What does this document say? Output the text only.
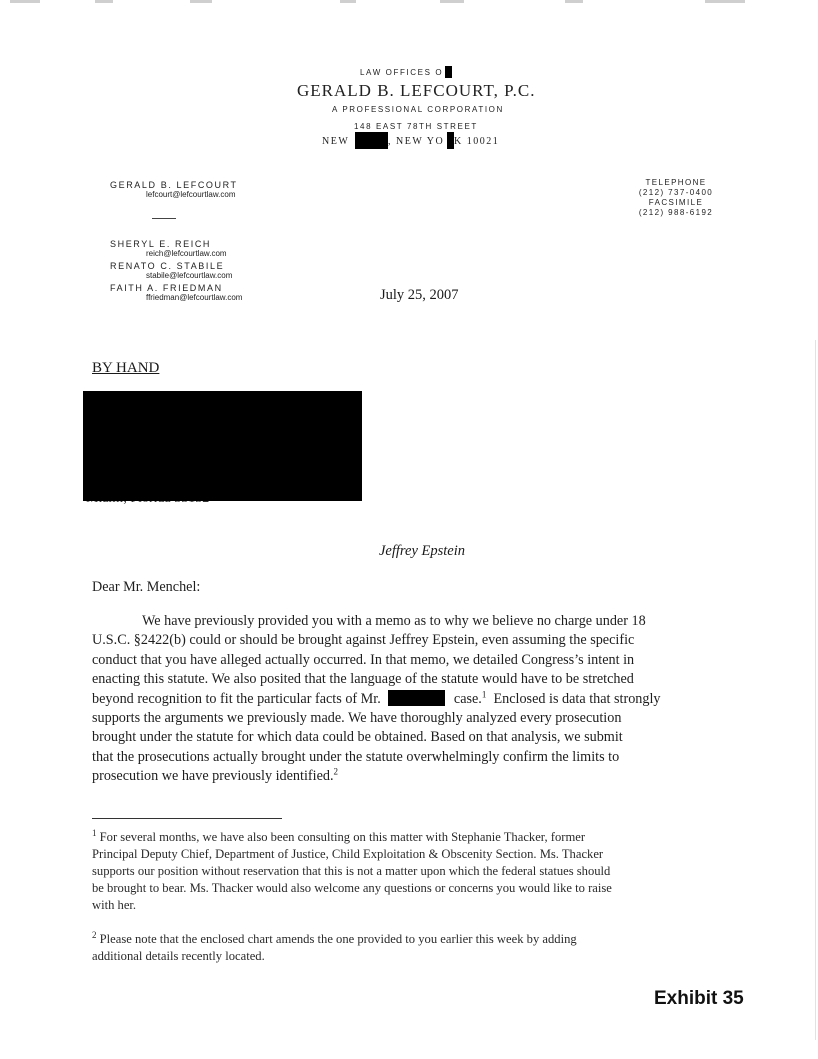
LAW OFFICES O
GERALD B. LEFCOURT, P.C.
A PROFESSIONAL CORPORATION
148 EAST 78TH STREET
NEW	, NEW YO K 10021
GERALD B. LEFCOURT
lefcourt@lefcourtlaw.com
SHERYL E. REICH
reich@lefcourtlaw.com
RENATO C. STABILE
stabile@lefcourtlaw.com
FAITH A. FRIEDMAN
ffriedman@lefcourtlaw.com
TELEPHONE
(212) 737-0400
FACSIMILE
(212) 988-6192
July 25, 2007
BY HAND
Jeffrey Epstein
Dear Mr. Menchel:
We have previously provided you with a memo as to why we believe no charge under 18
U.S.C. §2422(b) could or should be brought against Jeffrey Epstein, even assuming the specific
conduct that you have alleged actually occurred. In that memo, we detailed Congress’s intent in
enacting this statute. We also posited that the language of the statute would have to be stretched
beyond recognition to fit the particular facts of Mr.	case.$^1$  Enclosed is data that strongly
supports the arguments we previously made. We have thoroughly analyzed every prosecution
brought under the statute for which data could be obtained. Based on that analysis, we submit
that the prosecutions actually brought under the statute overwhelmingly confirm the limits to
prosecution we have previously identified.$^2$
$^1$ For several months, we have also been consulting on this matter with Stephanie Thacker, former
Principal Deputy Chief, Department of Justice, Child Exploitation & Obscenity Section. Ms. Thacker
supports our position without reservation that this is not a matter upon which the federal statues should
be brought to bear. Ms. Thacker would also welcome any questions or concerns you would like to raise
with her.
$^2$ Please note that the enclosed chart amends the one provided to you earlier this week by adding
additional details recently located.
Exhibit 35
